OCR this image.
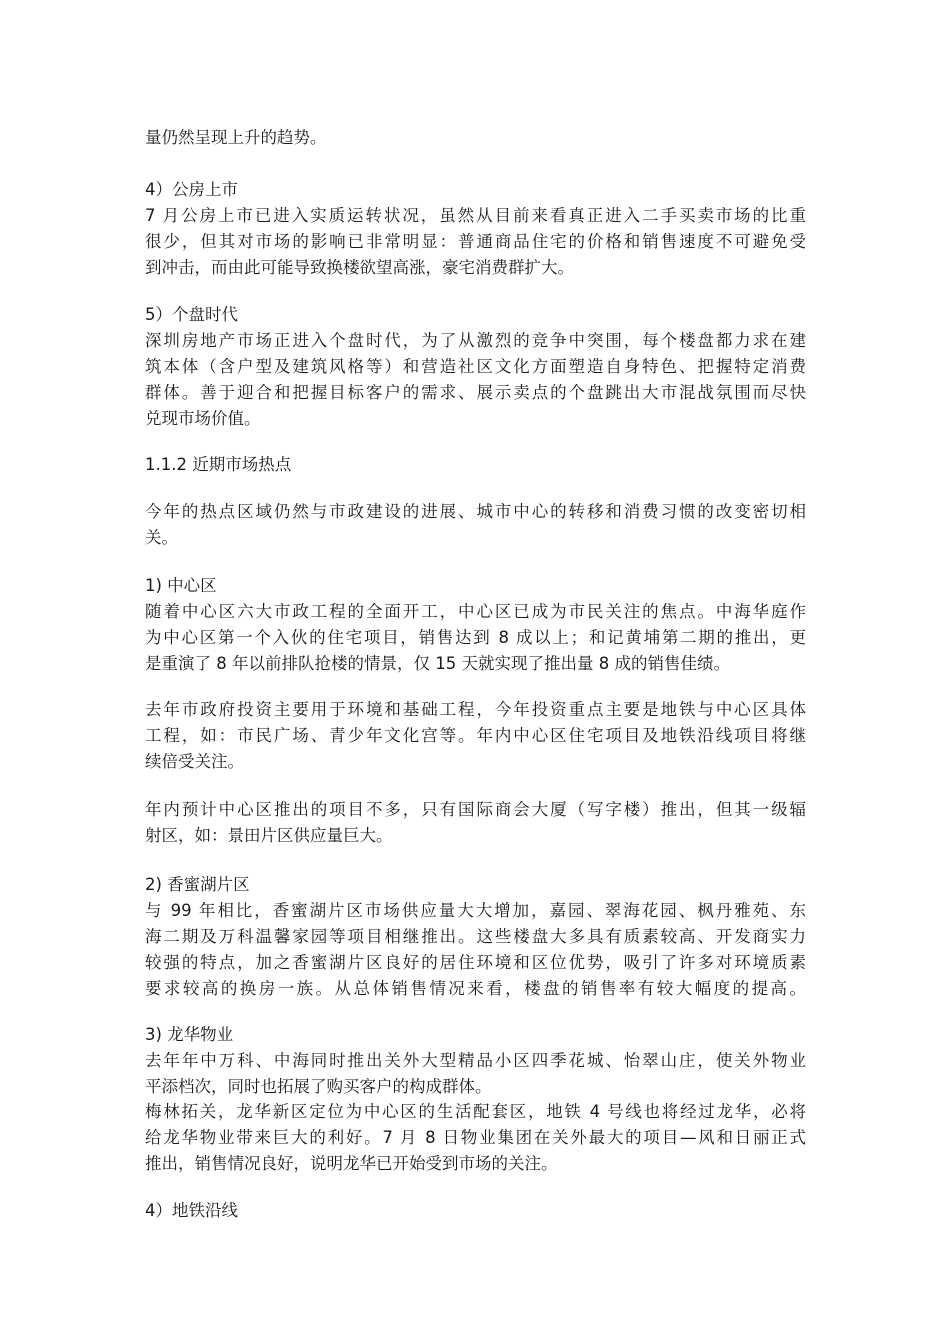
量仍然呈现上升的趋势。
4）公房上市
7 月公房上市已进入实质运转状况，虽然从目前来看真正进入二手买卖市场的比重
很少，但其对市场的影响已非常明显：普通商品住宅的价格和销售速度不可避免受
到冲击，而由此可能导致换楼欲望高涨，豪宅消费群扩大。
5）个盘时代
深圳房地产市场正进入个盘时代，为了从激烈的竞争中突围，每个楼盘都力求在建
筑本体（含户型及建筑风格等）和营造社区文化方面塑造自身特色、把握特定消费
群体。善于迎合和把握目标客户的需求、展示卖点的个盘跳出大市混战氛围而尽快
兑现市场价值。
1.1.2 近期市场热点
今年的热点区域仍然与市政建设的进展、城市中心的转移和消费习惯的改变密切相
关。
1) 中心区
随着中心区六大市政工程的全面开工，中心区已成为市民关注的焦点。中海华庭作
为中心区第一个入伙的住宅项目，销售达到 8 成以上；和记黄埔第二期的推出，更
是重演了 8 年以前排队抢楼的情景，仅 15 天就实现了推出量 8 成的销售佳绩。
去年市政府投资主要用于环境和基础工程，今年投资重点主要是地铁与中心区具体
工程，如：市民广场、青少年文化宫等。年内中心区住宅项目及地铁沿线项目将继
续倍受关注。
年内预计中心区推出的项目不多，只有国际商会大厦（写字楼）推出，但其一级辐
射区，如：景田片区供应量巨大。
2) 香蜜湖片区
与 99 年相比，香蜜湖片区市场供应量大大增加，嘉园、翠海花园、枫丹雅苑、东
海二期及万科温馨家园等项目相继推出。这些楼盘大多具有质素较高、开发商实力
较强的特点，加之香蜜湖片区良好的居住环境和区位优势，吸引了许多对环境质素
要求较高的换房一族。从总体销售情况来看，楼盘的销售率有较大幅度的提高。
3) 龙华物业
去年年中万科、中海同时推出关外大型精品小区四季花城、怡翠山庄，使关外物业
平添档次，同时也拓展了购买客户的构成群体。
梅林拓关，龙华新区定位为中心区的生活配套区，地铁 4 号线也将经过龙华，必将
给龙华物业带来巨大的利好。7 月 8 日物业集团在关外最大的项目—风和日丽正式
推出，销售情况良好，说明龙华已开始受到市场的关注。
4）地铁沿线
